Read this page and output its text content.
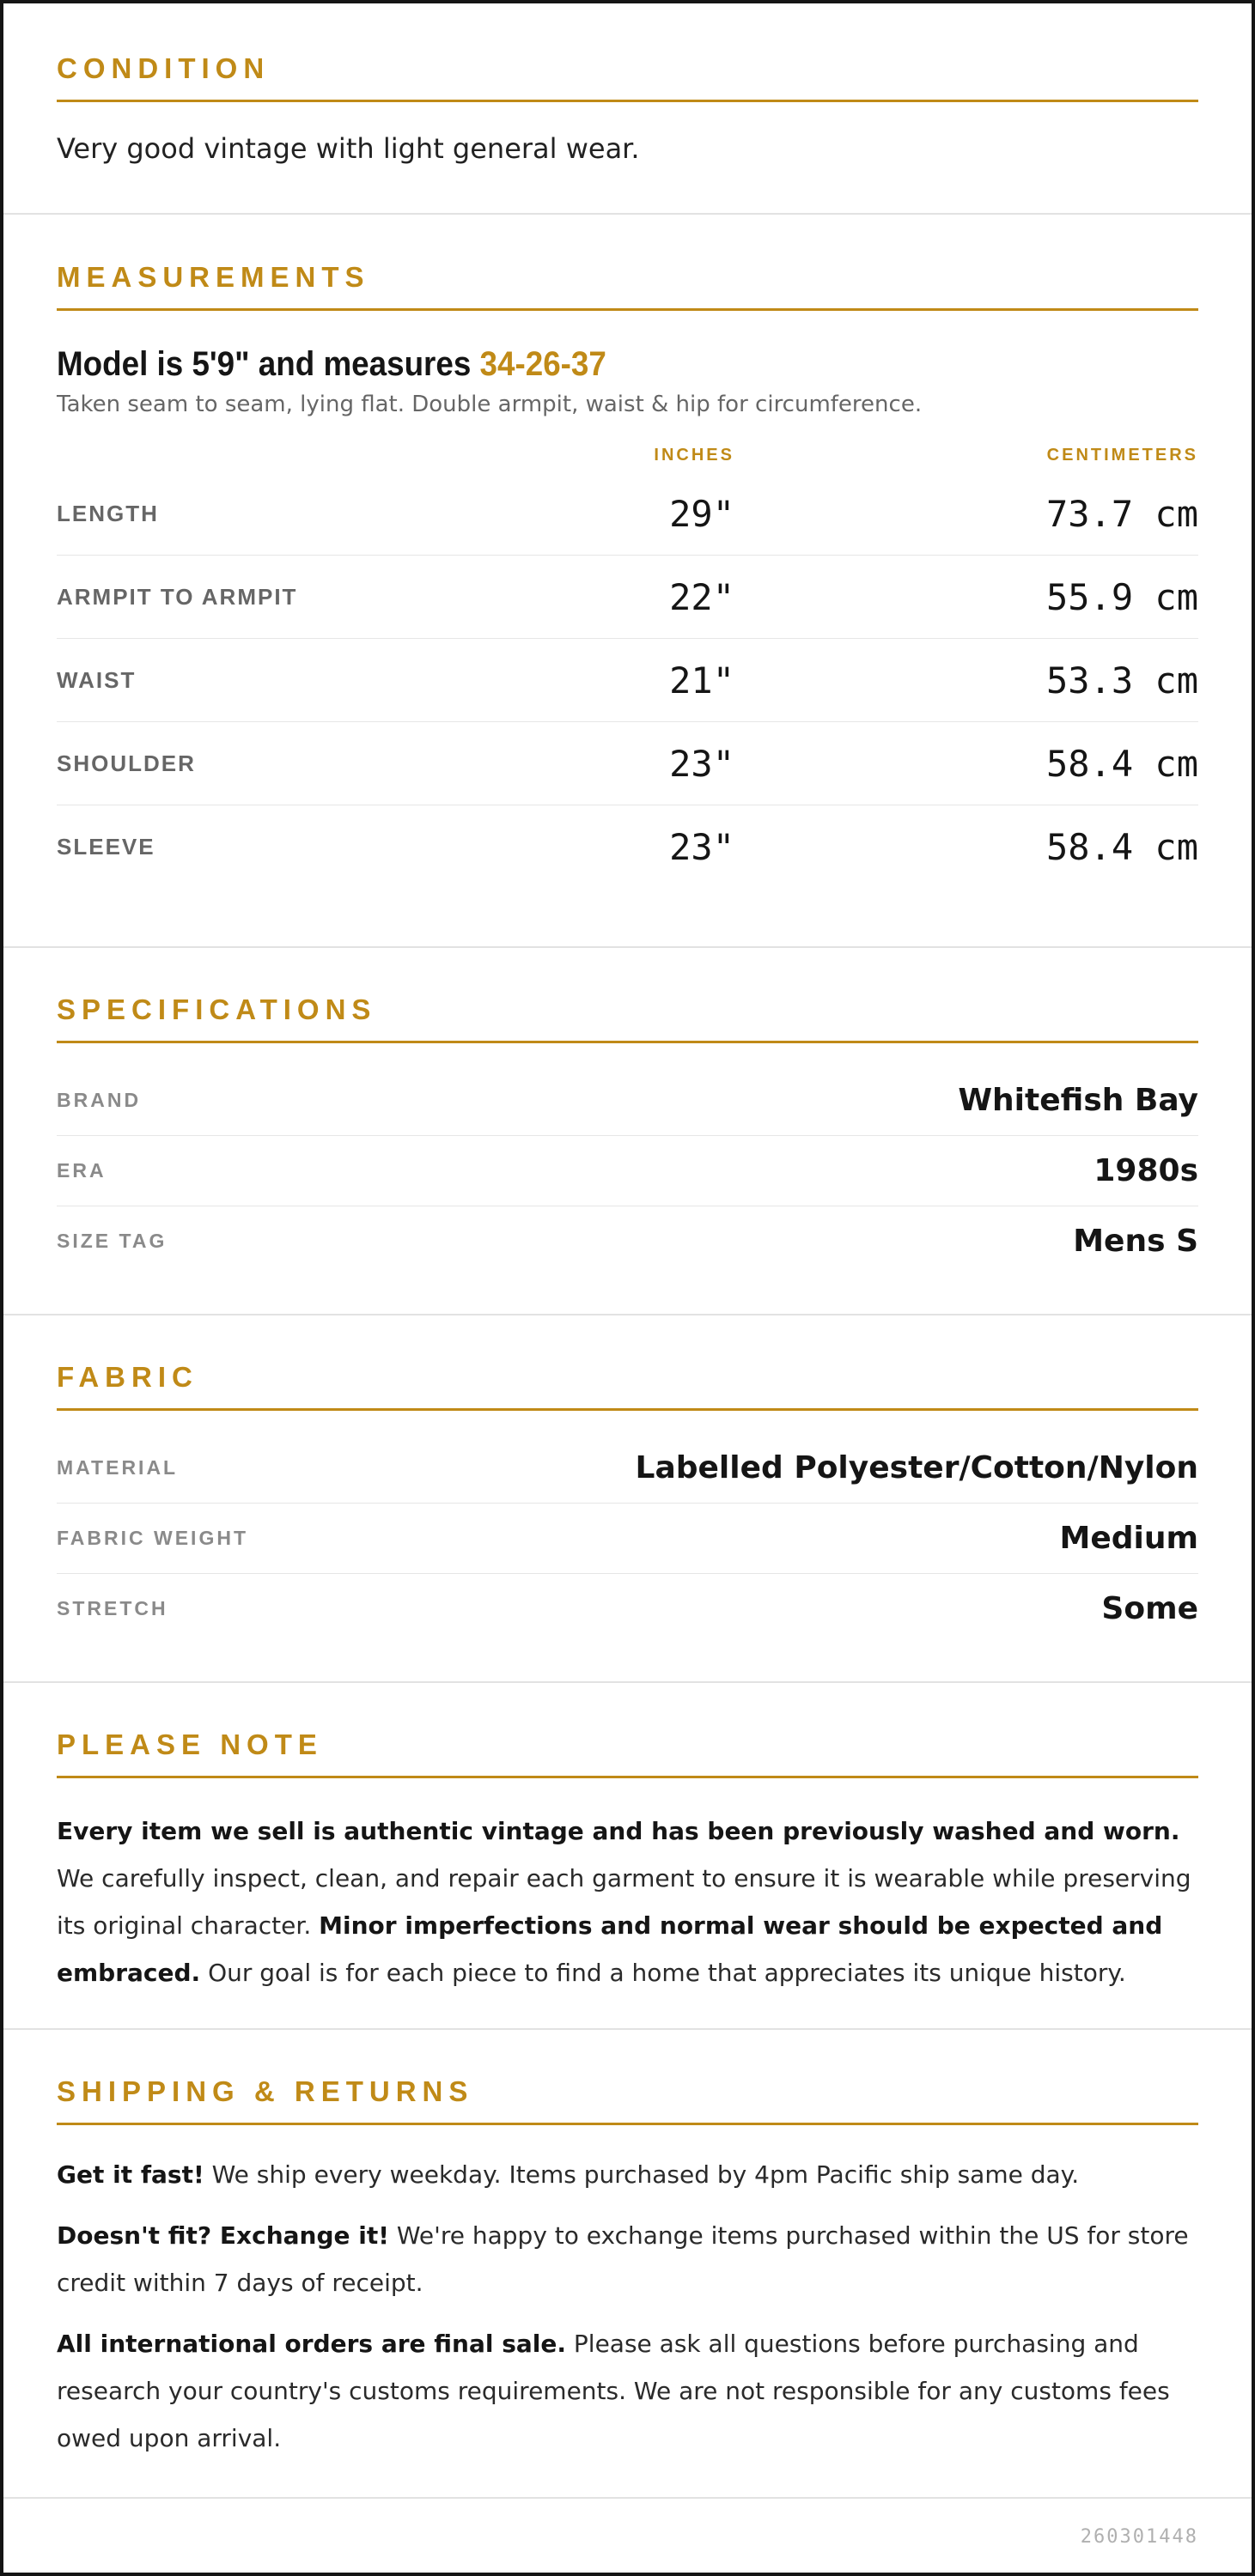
CONDITION
Very good vintage with light general wear.
MEASUREMENTS
Model is 5'9" and measures 34-26-37
Taken seam to seam, lying flat. Double armpit, waist & hip for circumference.
INCHES	CENTIMETERS
LENGTH	29"	73.7 cm
ARMPIT TO ARMPIT	22"	55.9 cm
WAIST	21"	53.3 cm
SHOULDER	23"	58.4 cm
SLEEVE	23"	58.4 cm
SPECIFICATIONS
BRAND	Whitefish Bay
ERA	1980s
SIZE TAG	Mens S
FABRIC
MATERIAL	Labelled Polyester/Cotton/Nylon
FABRIC WEIGHT	Medium
STRETCH	Some
PLEASE NOTE
Every item we sell is authentic vintage and has been previously washed and worn. We carefully inspect, clean, and repair each garment to ensure it is wearable while preserving its original character. Minor imperfections and normal wear should be expected and embraced. Our goal is for each piece to find a home that appreciates its unique history.
SHIPPING & RETURNS
Get it fast! We ship every weekday. Items purchased by 4pm Pacific ship same day.
Doesn't fit? Exchange it! We're happy to exchange items purchased within the US for store credit within 7 days of receipt.
All international orders are final sale. Please ask all questions before purchasing and research your country's customs requirements. We are not responsible for any customs fees owed upon arrival.
260301448
